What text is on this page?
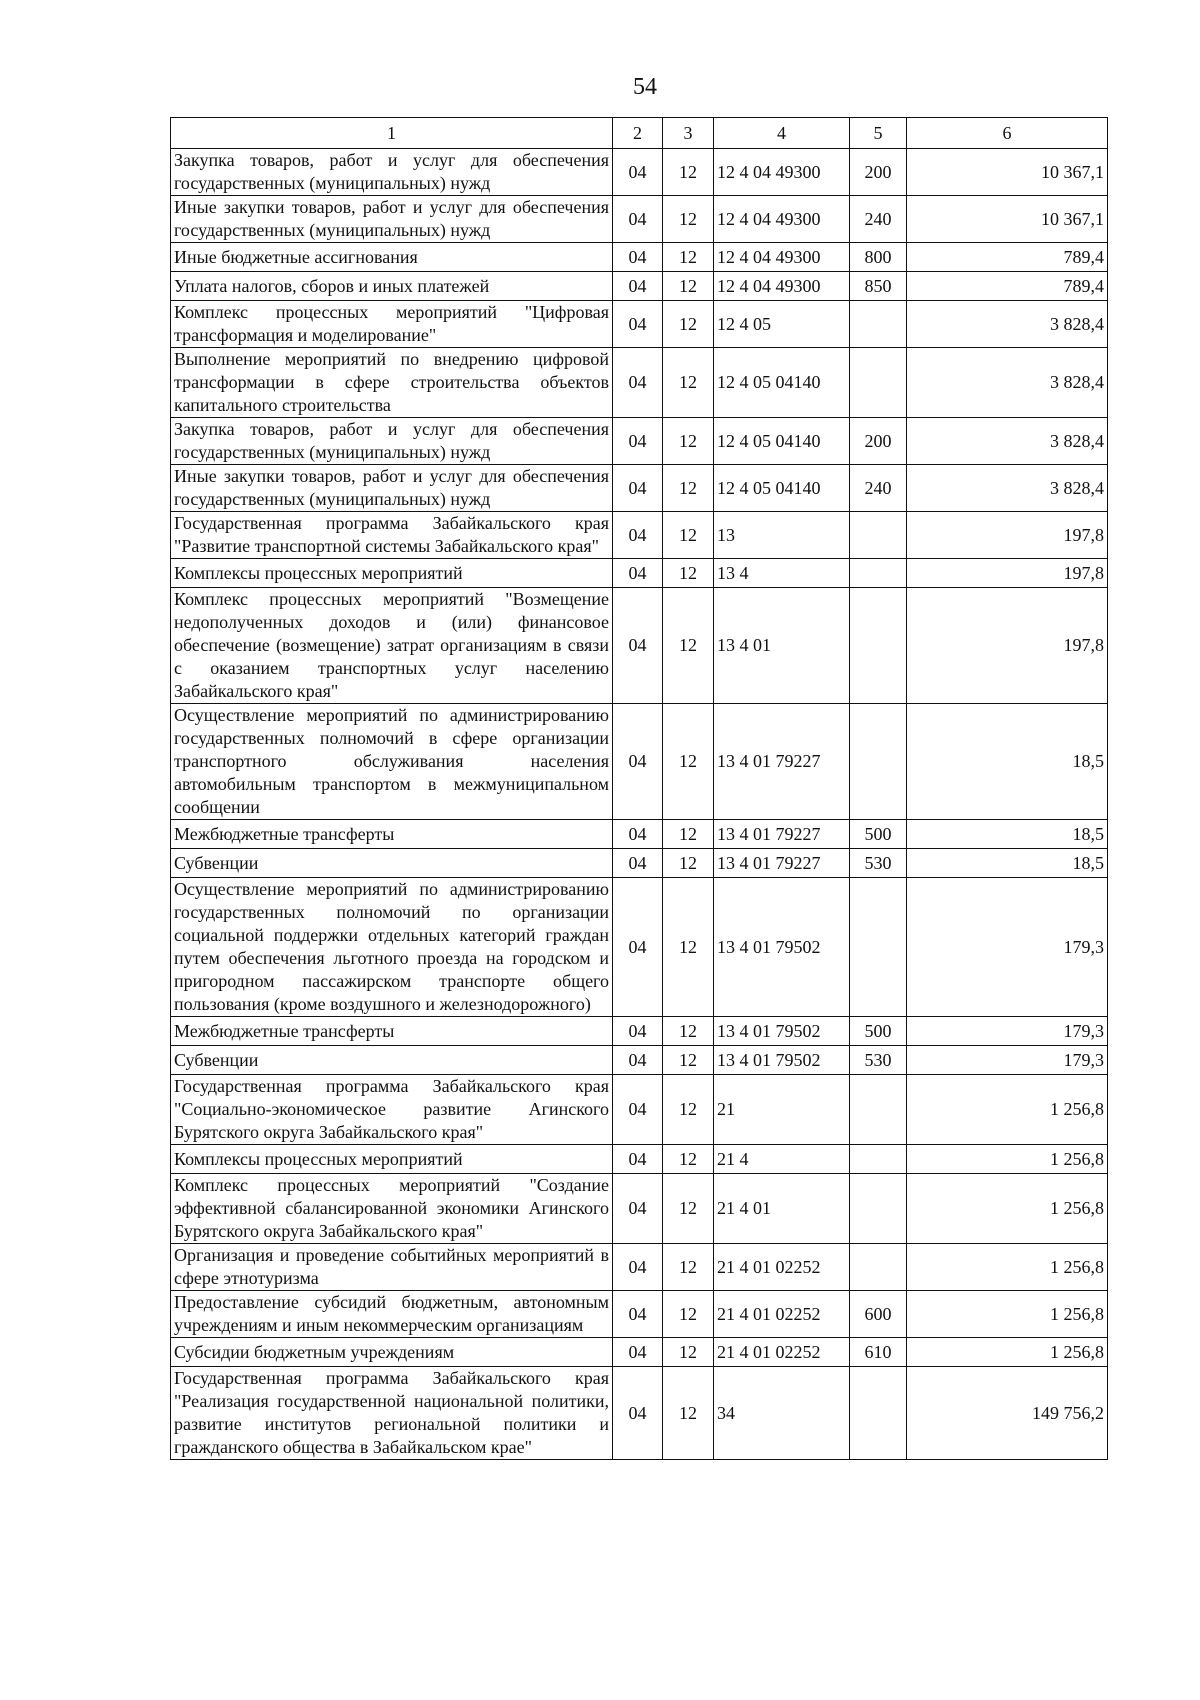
54
1	2	3	4	5	6
Закупка товаров, работ и услуг для обеспечения государственных (муниципальных) нужд	04	12	12 4 04 49300	200	10 367,1
Иные закупки товаров, работ и услуг для обеспечения государственных (муниципальных) нужд	04	12	12 4 04 49300	240	10 367,1
Иные бюджетные ассигнования	04	12	12 4 04 49300	800	789,4
Уплата налогов, сборов и иных платежей	04	12	12 4 04 49300	850	789,4
Комплекс процессных мероприятий "Цифровая трансформация и моделирование"	04	12	12 4 05		3 828,4
Выполнение мероприятий по внедрению цифровой трансформации в сфере строительства объектов капитального строительства	04	12	12 4 05 04140		3 828,4
Закупка товаров, работ и услуг для обеспечения государственных (муниципальных) нужд	04	12	12 4 05 04140	200	3 828,4
Иные закупки товаров, работ и услуг для обеспечения государственных (муниципальных) нужд	04	12	12 4 05 04140	240	3 828,4
Государственная программа Забайкальского края "Развитие транспортной системы Забайкальского края"	04	12	13		197,8
Комплексы процессных мероприятий	04	12	13 4		197,8
Комплекс процессных мероприятий "Возмещение недополученных доходов и (или) финансовое обеспечение (возмещение) затрат организациям в связи с оказанием транспортных услуг населению Забайкальского края"	04	12	13 4 01		197,8
Осуществление мероприятий по администрированию государственных полномочий в сфере организации транспортного обслуживания населения автомобильным транспортом в межмуниципальном сообщении	04	12	13 4 01 79227		18,5
Межбюджетные трансферты	04	12	13 4 01 79227	500	18,5
Субвенции	04	12	13 4 01 79227	530	18,5
Осуществление мероприятий по администрированию государственных полномочий по организации социальной поддержки отдельных категорий граждан путем обеспечения льготного проезда на городском и пригородном пассажирском транспорте общего пользования (кроме воздушного и железнодорожного)	04	12	13 4 01 79502		179,3
Межбюджетные трансферты	04	12	13 4 01 79502	500	179,3
Субвенции	04	12	13 4 01 79502	530	179,3
Государственная программа Забайкальского края "Социально-экономическое развитие Агинского Бурятского округа Забайкальского края"	04	12	21		1 256,8
Комплексы процессных мероприятий	04	12	21 4		1 256,8
Комплекс процессных мероприятий "Создание эффективной сбалансированной экономики Агинского Бурятского округа Забайкальского края"	04	12	21 4 01		1 256,8
Организация и проведение событийных мероприятий в сфере этнотуризма	04	12	21 4 01 02252		1 256,8
Предоставление субсидий бюджетным, автономным учреждениям и иным некоммерческим организациям	04	12	21 4 01 02252	600	1 256,8
Субсидии бюджетным учреждениям	04	12	21 4 01 02252	610	1 256,8
Государственная программа Забайкальского края "Реализация государственной национальной политики, развитие институтов региональной политики и гражданского общества в Забайкальском крае"	04	12	34		149 756,2
